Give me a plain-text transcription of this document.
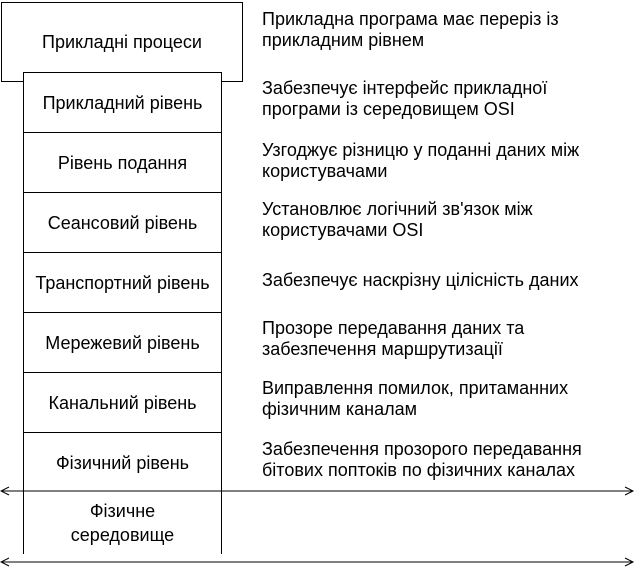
Прикладні процеси
Прикладна програма має переріз із
прикладним рівнем
Прикладний рівень
Рівень подання
Сеансовий рівень
Транспортний рівень
Мережевий рівень
Канальний рівень
Фізичний рівень
Забезпечує інтерфейс прикладної
програми із середовищем OSI
Узгоджує різницю у поданні даних між
користувачами
Установлює логічний зв'язок між
користувачами OSI
Забезпечує наскрізну цілісність даних
Прозоре передавання даних та
забезпечення маршрутизації
Виправлення помилок, притаманних
фізичним каналам
Забезпечення прозорого передавання
бітових поптоків по фізичних каналах
Фізичне
середовище
